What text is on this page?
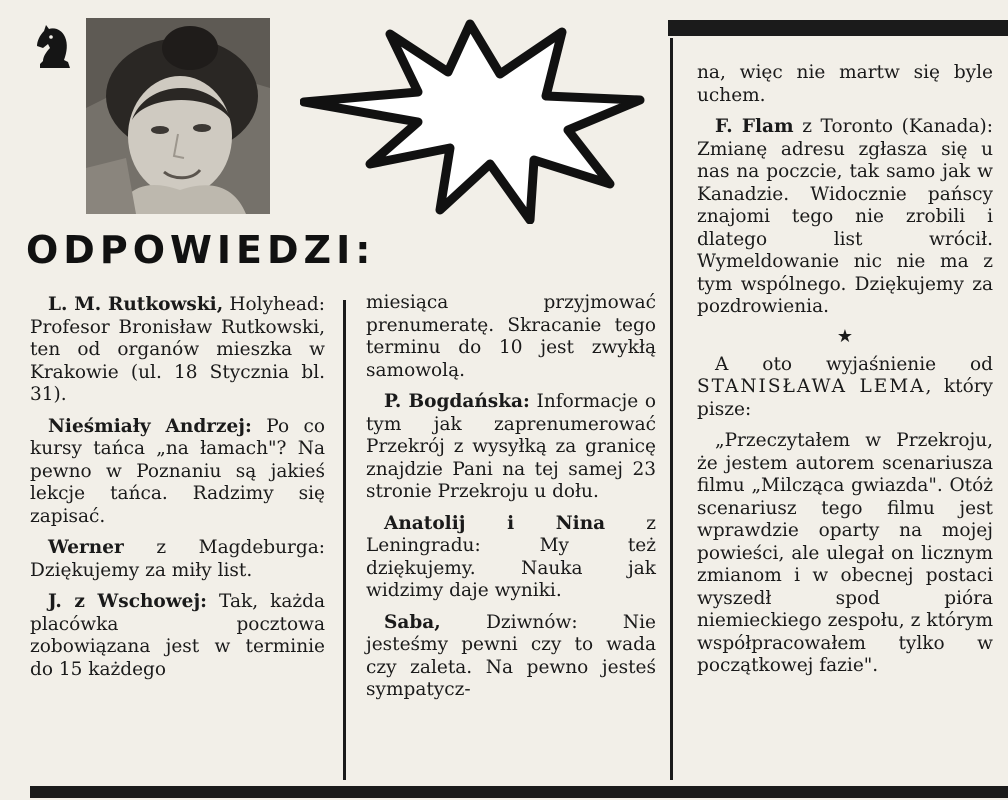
ODPOWIEDZI:

L. M. Rutkowski, Holyhead: Profesor Bronisław Rutkowski, ten od organów mieszka w Krakowie (ul. 18 Stycznia bl. 31).

Nieśmiały Andrzej: Po co kursy tańca „na łamach"? Na pewno w Poznaniu są jakieś lekcje tańca. Radzimy się zapisać.

Werner z Magdeburga: Dziękujemy za miły list.

J. z Wschowej: Tak, każda placówka pocztowa zobowiązana jest w terminie do 15 każdego

miesiąca przyjmować prenumeratę. Skracanie tego terminu do 10 jest zwykłą samowolą.

P. Bogdańska: Informacje o tym jak zaprenumerować Przekrój z wysyłką za granicę znajdzie Pani na tej samej 23 stronie Przekroju u dołu.

Anatolij i Nina z Leningradu: My też dziękujemy. Nauka jak widzimy daje wyniki.

Saba, Dziwnów: Nie jesteśmy pewni czy to wada czy zaleta. Na pewno jesteś sympatycz-

na, więc nie martw się byle uchem.

F. Flam z Toronto (Kanada): Zmianę adresu zgłasza się u nas na poczcie, tak samo jak w Kanadzie. Widocznie pańscy znajomi tego nie zrobili i dlatego list wrócił. Wymeldowanie nic nie ma z tym wspólnego. Dziękujemy za pozdrowienia.

★

A oto wyjaśnienie od STANISŁAWA LEMA, który pisze:

„Przeczytałem w Przekroju, że jestem autorem scenariusza filmu „Milcząca gwiazda". Otóż scenariusz tego filmu jest wprawdzie oparty na mojej powieści, ale ulegał on licznym zmianom i w obecnej postaci wyszedł spod pióra niemieckiego zespołu, z którym współpracowałem tylko w początkowej fazie".
